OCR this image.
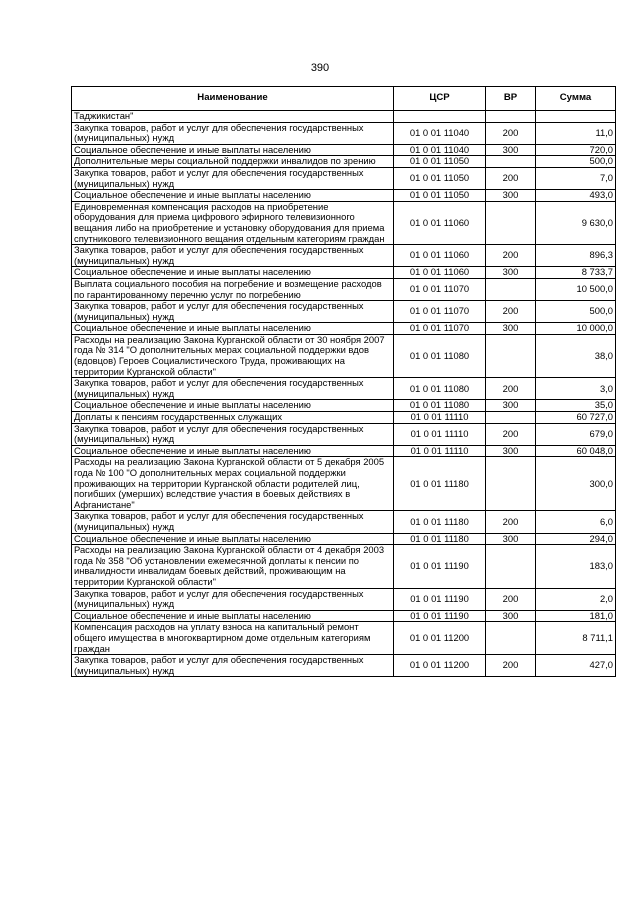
390
Наименование	ЦСР	ВР	Сумма
Таджикистан"			
Закупка товаров, работ и услуг для обеспечения государственных (муниципальных) нужд	01 0 01 11040	200	11,0
Социальное обеспечение и иные выплаты населению	01 0 01 11040	300	720,0
Дополнительные меры социальной поддержки инвалидов по зрению	01 0 01 11050		500,0
Закупка товаров, работ и услуг для обеспечения государственных (муниципальных) нужд	01 0 01 11050	200	7,0
Социальное обеспечение и иные выплаты населению	01 0 01 11050	300	493,0
Единовременная компенсация расходов на приобретение оборудования для приема цифрового эфирного телевизионного вещания либо на приобретение и установку оборудования для приема спутникового телевизионного вещания отдельным категориям граждан	01 0 01 11060		9 630,0
Закупка товаров, работ и услуг для обеспечения государственных (муниципальных) нужд	01 0 01 11060	200	896,3
Социальное обеспечение и иные выплаты населению	01 0 01 11060	300	8 733,7
Выплата социального пособия на погребение и возмещение расходов по гарантированному перечню услуг по погребению	01 0 01 11070		10 500,0
Закупка товаров, работ и услуг для обеспечения государственных (муниципальных) нужд	01 0 01 11070	200	500,0
Социальное обеспечение и иные выплаты населению	01 0 01 11070	300	10 000,0
Расходы на реализацию Закона Курганской области от 30 ноября 2007 года № 314 "О дополнительных мерах социальной поддержки вдов (вдовцов) Героев Социалистического Труда, проживающих на территории Курганской области"	01 0 01 11080		38,0
Закупка товаров, работ и услуг для обеспечения государственных (муниципальных) нужд	01 0 01 11080	200	3,0
Социальное обеспечение и иные выплаты населению	01 0 01 11080	300	35,0
Доплаты к пенсиям государственных служащих	01 0 01 11110		60 727,0
Закупка товаров, работ и услуг для обеспечения государственных (муниципальных) нужд	01 0 01 11110	200	679,0
Социальное обеспечение и иные выплаты населению	01 0 01 11110	300	60 048,0
Расходы на реализацию Закона Курганской области от 5 декабря 2005 года № 100 "О дополнительных мерах социальной поддержки проживающих на территории Курганской области родителей лиц, погибших (умерших) вследствие участия в боевых действиях в Афганистане"	01 0 01 11180		300,0
Закупка товаров, работ и услуг для обеспечения государственных (муниципальных) нужд	01 0 01 11180	200	6,0
Социальное обеспечение и иные выплаты населению	01 0 01 11180	300	294,0
Расходы на реализацию Закона Курганской области от 4 декабря 2003 года № 358 "Об установлении ежемесячной доплаты к пенсии по инвалидности инвалидам боевых действий, проживающим на территории Курганской области"	01 0 01 11190		183,0
Закупка товаров, работ и услуг для обеспечения государственных (муниципальных) нужд	01 0 01 11190	200	2,0
Социальное обеспечение и иные выплаты населению	01 0 01 11190	300	181,0
Компенсация расходов на уплату взноса на капитальный ремонт общего имущества в многоквартирном доме отдельным категориям граждан	01 0 01 11200		8 711,1
Закупка товаров, работ и услуг для обеспечения государственных (муниципальных) нужд	01 0 01 11200	200	427,0
